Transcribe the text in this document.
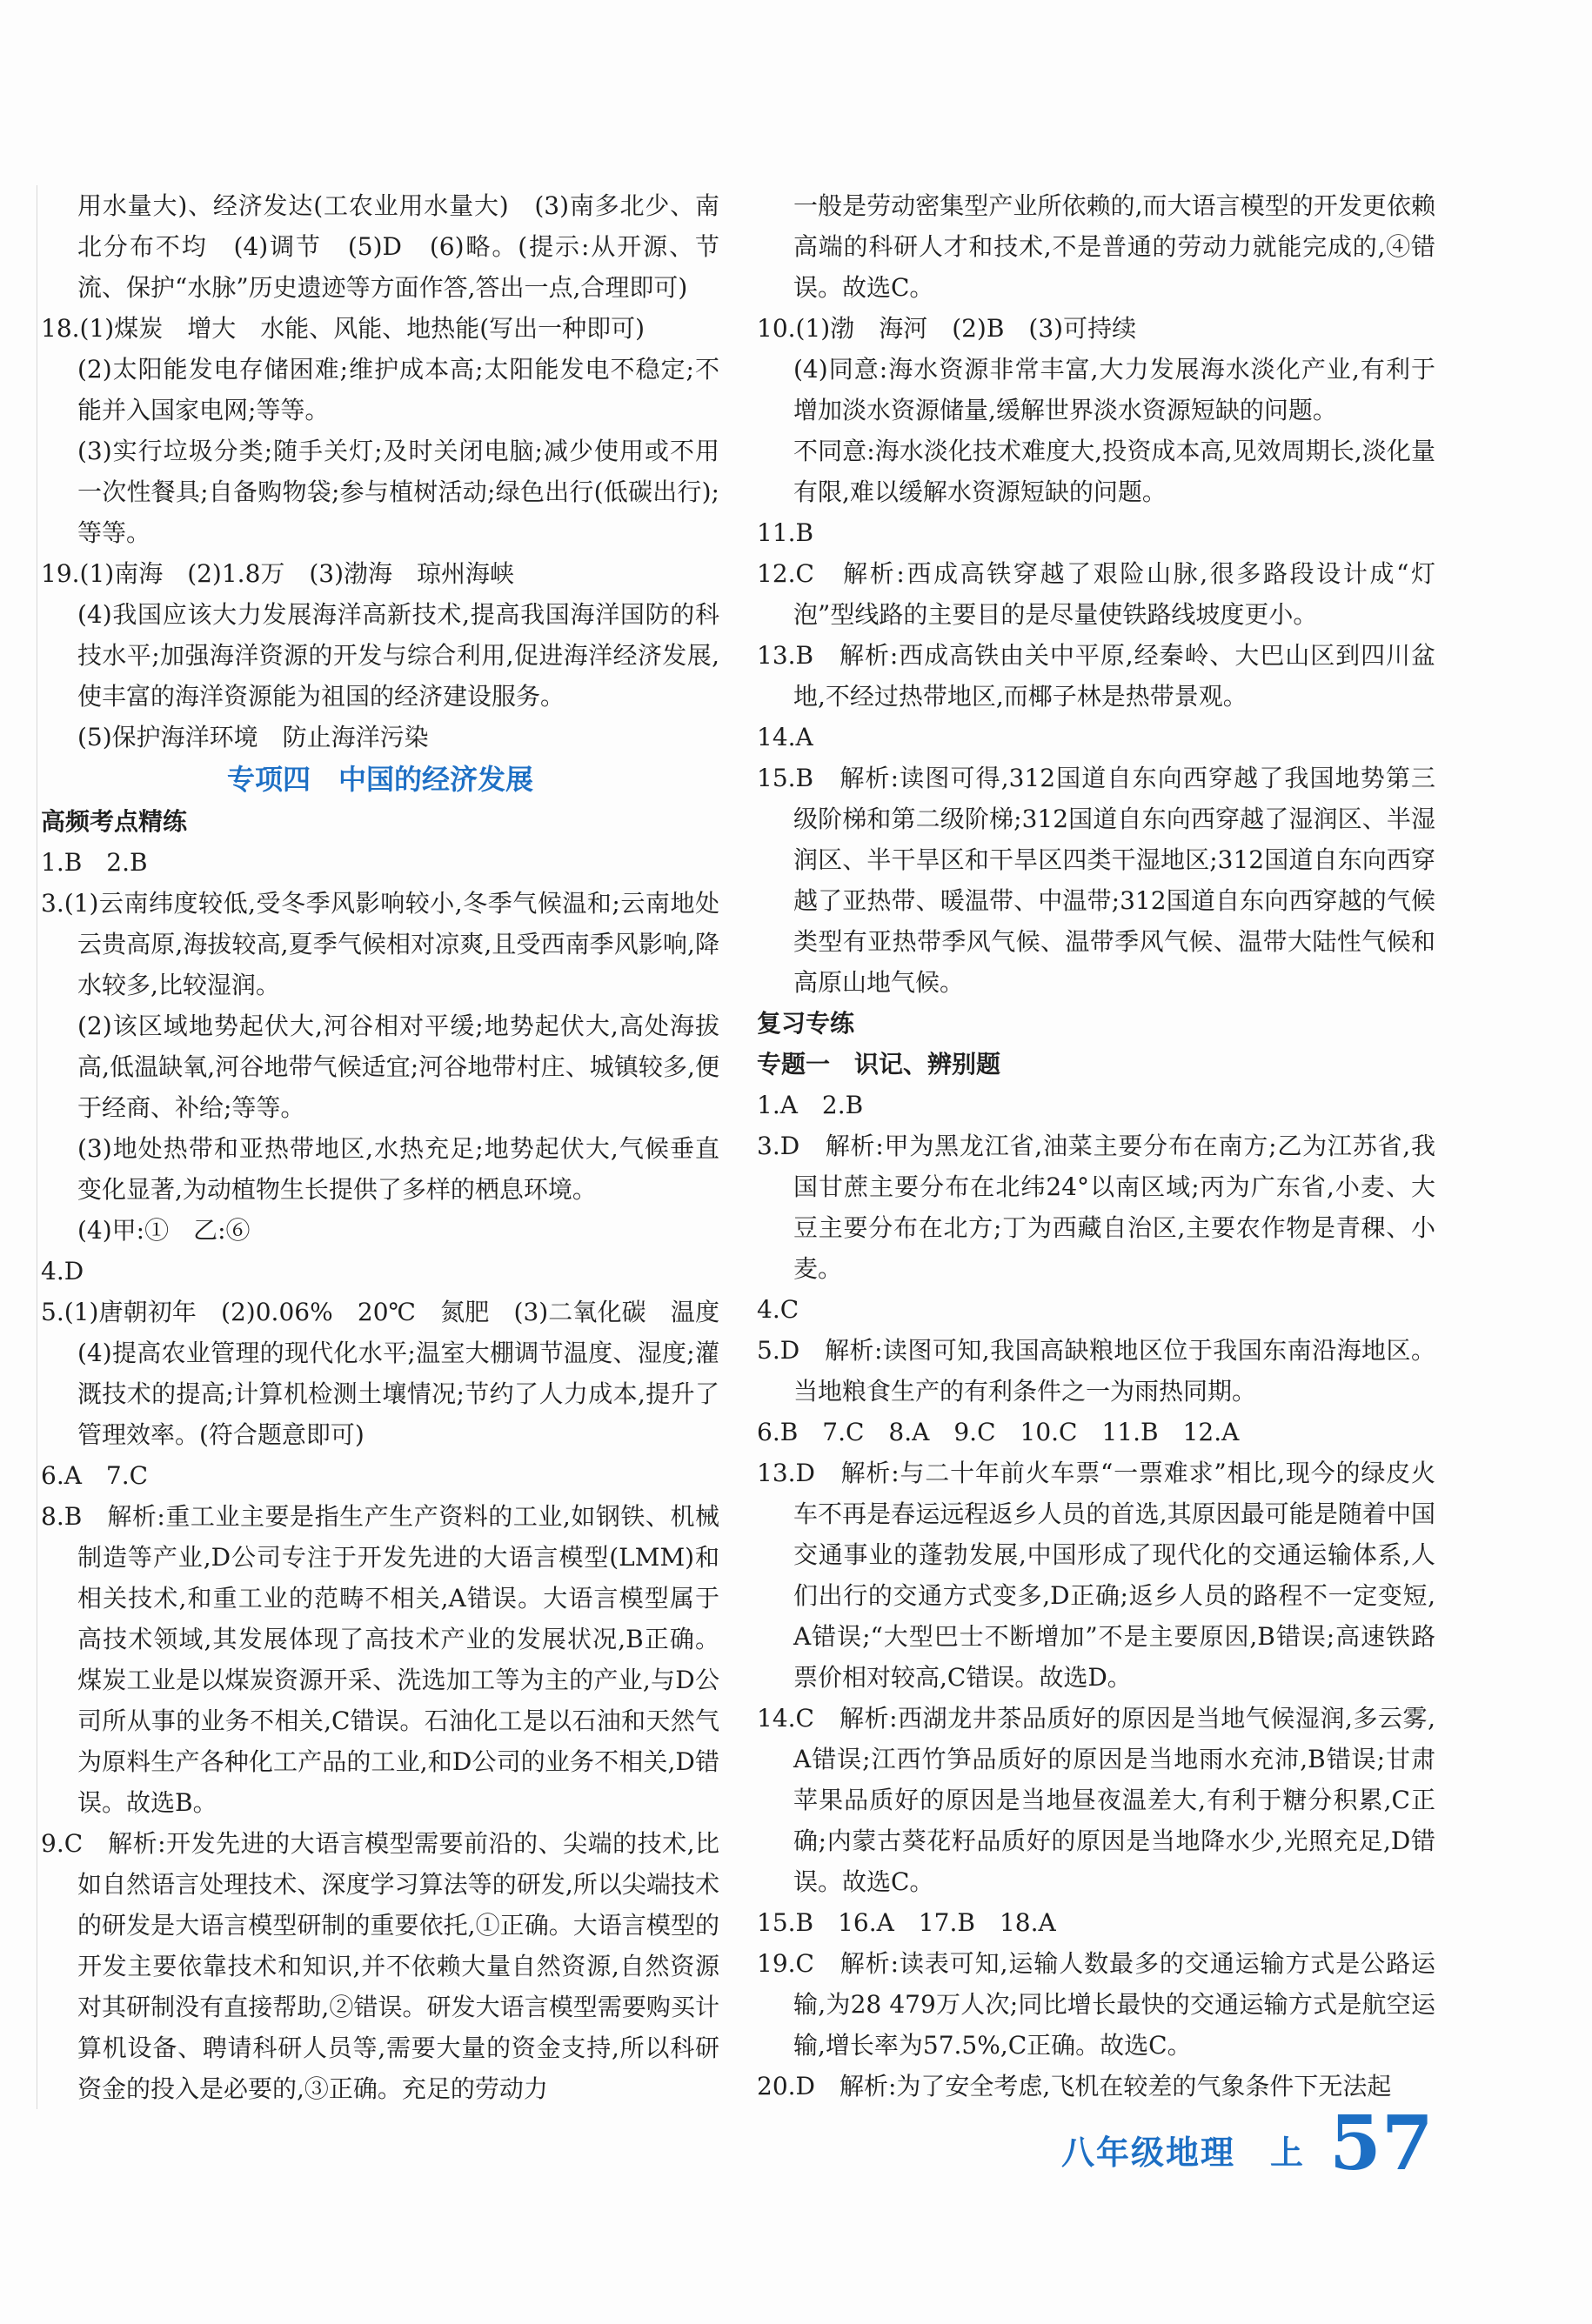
用水量大)、经济发达(工农业用水量大)　(3)南多北少、南北分布不均　(4)调节　(5)D　(6)略。(提示:从开源、节流、保护“水脉”历史遗迹等方面作答,答出一点,合理即可)

18.(1)煤炭　增大　水能、风能、地热能(写出一种即可)

(2)太阳能发电存储困难;维护成本高;太阳能发电不稳定;不能并入国家电网;等等。

(3)实行垃圾分类;随手关灯;及时关闭电脑;减少使用或不用一次性餐具;自备购物袋;参与植树活动;绿色出行(低碳出行);等等。

19.(1)南海　(2)1.8万　(3)渤海　琼州海峡

(4)我国应该大力发展海洋高新技术,提高我国海洋国防的科技水平;加强海洋资源的开发与综合利用,促进海洋经济发展,使丰富的海洋资源能为祖国的经济建设服务。

(5)保护海洋环境　防止海洋污染

专项四　中国的经济发展

高频考点精练

1.B　2.B

3.(1)云南纬度较低,受冬季风影响较小,冬季气候温和;云南地处云贵高原,海拔较高,夏季气候相对凉爽,且受西南季风影响,降水较多,比较湿润。

(2)该区域地势起伏大,河谷相对平缓;地势起伏大,高处海拔高,低温缺氧,河谷地带气候适宜;河谷地带村庄、城镇较多,便于经商、补给;等等。

(3)地处热带和亚热带地区,水热充足;地势起伏大,气候垂直变化显著,为动植物生长提供了多样的栖息环境。

(4)甲:①　乙:⑥

4.D

5.(1)唐朝初年　(2)0.06%　20℃　氮肥　(3)二氧化碳　温度　(4)提高农业管理的现代化水平;温室大棚调节温度、湿度;灌溉技术的提高;计算机检测土壤情况;节约了人力成本,提升了管理效率。(符合题意即可)

6.A　7.C

8.B　解析:重工业主要是指生产生产资料的工业,如钢铁、机械制造等产业,D公司专注于开发先进的大语言模型(LMM)和相关技术,和重工业的范畴不相关,A错误。大语言模型属于高技术领域,其发展体现了高技术产业的发展状况,B正确。煤炭工业是以煤炭资源开采、洗选加工等为主的产业,与D公司所从事的业务不相关,C错误。石油化工是以石油和天然气为原料生产各种化工产品的工业,和D公司的业务不相关,D错误。故选B。

9.C　解析:开发先进的大语言模型需要前沿的、尖端的技术,比如自然语言处理技术、深度学习算法等的研发,所以尖端技术的研发是大语言模型研制的重要依托,①正确。大语言模型的开发主要依靠技术和知识,并不依赖大量自然资源,自然资源对其研制没有直接帮助,②错误。研发大语言模型需要购买计算机设备、聘请科研人员等,需要大量的资金支持,所以科研资金的投入是必要的,③正确。充足的劳动力

一般是劳动密集型产业所依赖的,而大语言模型的开发更依赖高端的科研人才和技术,不是普通的劳动力就能完成的,④错误。故选C。

10.(1)渤　海河　(2)B　(3)可持续

(4)同意:海水资源非常丰富,大力发展海水淡化产业,有利于增加淡水资源储量,缓解世界淡水资源短缺的问题。

不同意:海水淡化技术难度大,投资成本高,见效周期长,淡化量有限,难以缓解水资源短缺的问题。

11.B

12.C　解析:西成高铁穿越了艰险山脉,很多路段设计成“灯泡”型线路的主要目的是尽量使铁路线坡度更小。

13.B　解析:西成高铁由关中平原,经秦岭、大巴山区到四川盆地,不经过热带地区,而椰子林是热带景观。

14.A

15.B　解析:读图可得,312国道自东向西穿越了我国地势第三级阶梯和第二级阶梯;312国道自东向西穿越了湿润区、半湿润区、半干旱区和干旱区四类干湿地区;312国道自东向西穿越了亚热带、暖温带、中温带;312国道自东向西穿越的气候类型有亚热带季风气候、温带季风气候、温带大陆性气候和高原山地气候。

复习专练

专题一　识记、辨别题

1.A　2.B

3.D　解析:甲为黑龙江省,油菜主要分布在南方;乙为江苏省,我国甘蔗主要分布在北纬24°以南区域;丙为广东省,小麦、大豆主要分布在北方;丁为西藏自治区,主要农作物是青稞、小麦。

4.C

5.D　解析:读图可知,我国高缺粮地区位于我国东南沿海地区。当地粮食生产的有利条件之一为雨热同期。

6.B　7.C　8.A　9.C　10.C　11.B　12.A

13.D　解析:与二十年前火车票“一票难求”相比,现今的绿皮火车不再是春运远程返乡人员的首选,其原因最可能是随着中国交通事业的蓬勃发展,中国形成了现代化的交通运输体系,人们出行的交通方式变多,D正确;返乡人员的路程不一定变短,A错误;“大型巴士不断增加”不是主要原因,B错误;高速铁路票价相对较高,C错误。故选D。

14.C　解析:西湖龙井茶品质好的原因是当地气候湿润,多云雾,A错误;江西竹笋品质好的原因是当地雨水充沛,B错误;甘肃苹果品质好的原因是当地昼夜温差大,有利于糖分积累,C正确;内蒙古葵花籽品质好的原因是当地降水少,光照充足,D错误。故选C。

15.B　16.A　17.B　18.A

19.C　解析:读表可知,运输人数最多的交通运输方式是公路运输,为28 479万人次;同比增长最快的交通运输方式是航空运输,增长率为57.5%,C正确。故选C。

20.D　解析:为了安全考虑,飞机在较差的气象条件下无法起

八年级地理　上 57
